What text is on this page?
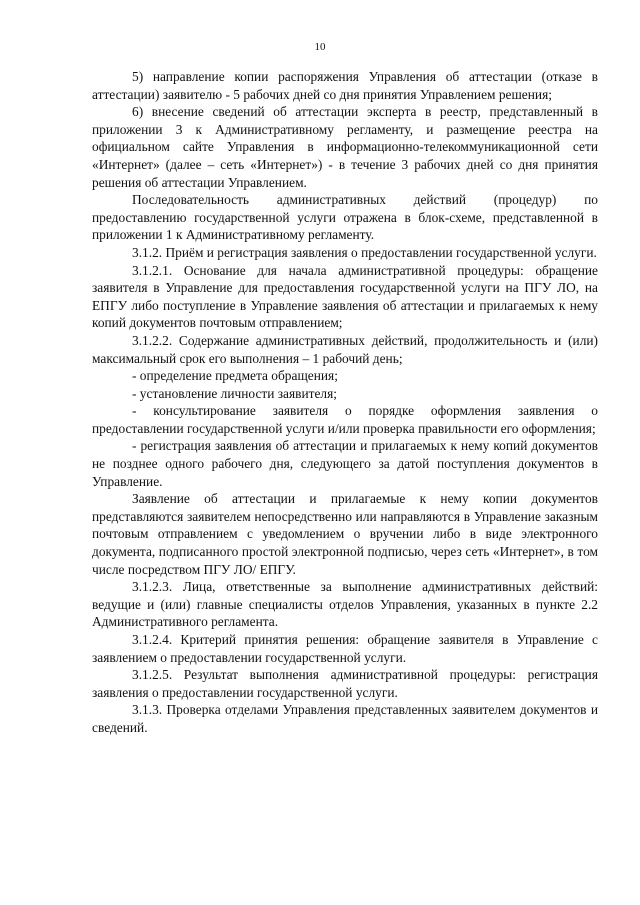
10

5) направление копии распоряжения Управления об аттестации (отказе в аттестации) заявителю - 5 рабочих дней со дня принятия Управлением решения;

6) внесение сведений об аттестации эксперта в реестр, представленный в приложении 3 к Административному регламенту, и размещение реестра на официальном сайте Управления в информационно-телекоммуникационной сети «Интернет» (далее – сеть «Интернет») - в течение 3 рабочих дней со дня принятия решения об аттестации Управлением.

Последовательность административных действий (процедур) по предоставлению государственной услуги отражена в блок-схеме, представленной в приложении 1 к Административному регламенту.

3.1.2. Приём и регистрация заявления о предоставлении государственной услуги.

3.1.2.1. Основание для начала административной процедуры: обращение заявителя в Управление для предоставления государственной услуги на ПГУ ЛО, на ЕПГУ либо поступление в Управление заявления об аттестации и прилагаемых к нему копий документов почтовым отправлением;

3.1.2.2. Содержание административных действий, продолжительность и (или) максимальный срок его выполнения – 1 рабочий день;

- определение предмета обращения;

- установление личности заявителя;

- консультирование заявителя о порядке оформления заявления о предоставлении государственной услуги и/или проверка правильности его оформления;

- регистрация заявления об аттестации и прилагаемых к нему копий документов не позднее одного рабочего дня, следующего за датой поступления документов в Управление.

Заявление об аттестации и прилагаемые к нему копии документов представляются заявителем непосредственно или направляются в Управление заказным почтовым отправлением с уведомлением о вручении либо в виде электронного документа, подписанного простой электронной подписью, через сеть «Интернет», в том числе посредством ПГУ ЛО/ ЕПГУ.

3.1.2.3. Лица, ответственные за выполнение административных действий: ведущие и (или) главные специалисты отделов Управления, указанных в пункте 2.2 Административного регламента.

3.1.2.4. Критерий принятия решения: обращение заявителя в Управление с заявлением о предоставлении государственной услуги.

3.1.2.5. Результат выполнения административной процедуры: регистрация заявления о предоставлении государственной услуги.

3.1.3. Проверка отделами Управления представленных заявителем документов и сведений.
